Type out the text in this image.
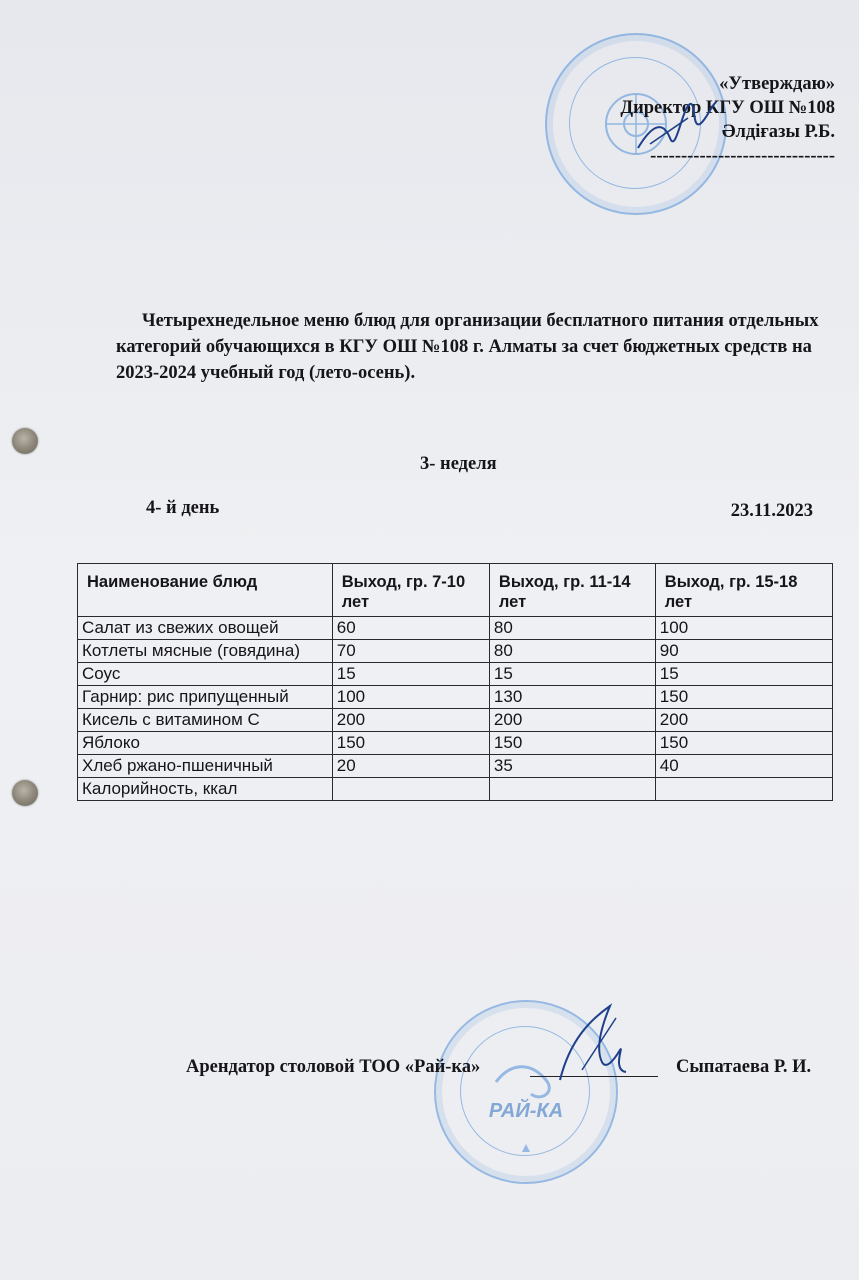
«Утверждаю»
Директор КГУ ОШ №108
Әлдіғазы Р.Б.
------------------------------
Четырехнедельное меню блюд для организации бесплатного питания отдельных категорий обучающихся в КГУ ОШ №108 г. Алматы за счет бюджетных средств на 2023-2024 учебный год (лето-осень).
3- неделя
4- й день	23.11.2023
Наименование блюд	Выход, гр. 7-10 лет	Выход, гр. 11-14 лет	Выход, гр. 15-18 лет
Салат из свежих овощей	60	80	100
Котлеты мясные (говядина)	70	80	90
Соус	15	15	15
Гарнир: рис припущенный	100	130	150
Кисель с витамином С	200	200	200
Яблоко	150	150	150
Хлеб ржано-пшеничный	20	35	40
Калорийность, ккал			
РАЙ-КА
Арендатор столовой ТОО «Рай-ка»	Сыпатаева Р. И.
